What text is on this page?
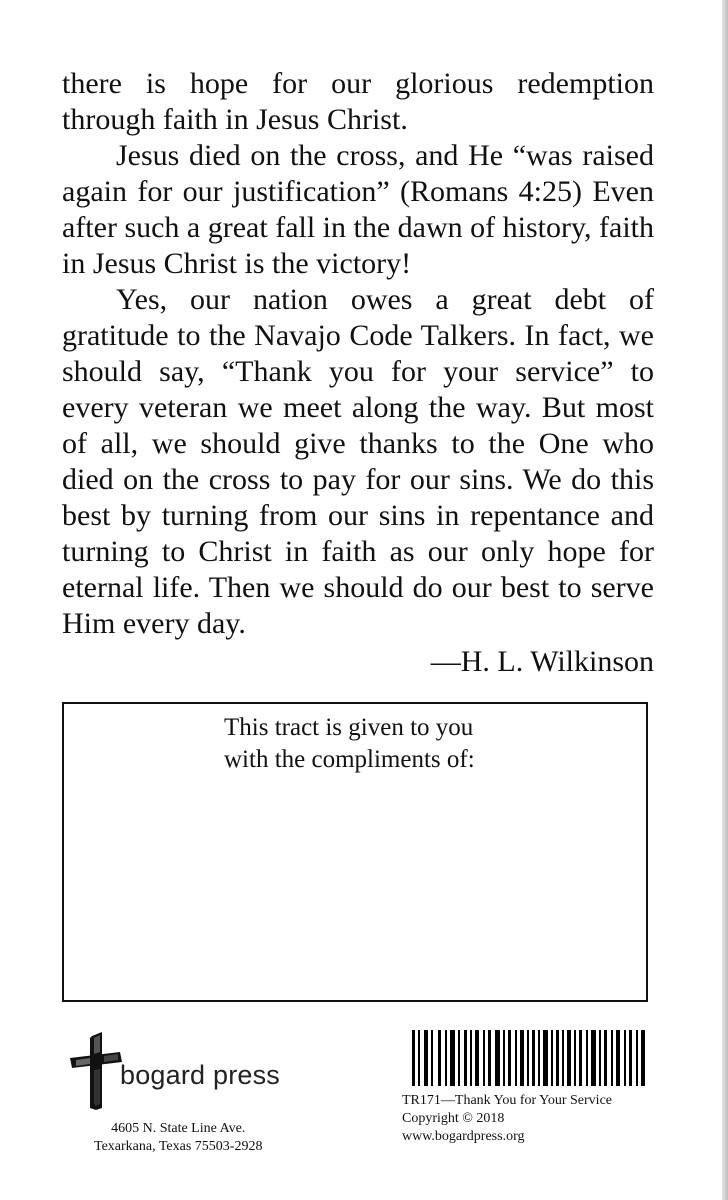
there is hope for our glorious redemption through faith in Jesus Christ.

Jesus died on the cross, and He “was raised again for our justification” (Romans 4:25) Even after such a great fall in the dawn of history, faith in Jesus Christ is the victory!

Yes, our nation owes a great debt of gratitude to the Navajo Code Talkers. In fact, we should say, “Thank you for your service” to every veteran we meet along the way. But most of all, we should give thanks to the One who died on the cross to pay for our sins. We do this best by turning from our sins in repentance and turning to Christ in faith as our only hope for eternal life. Then we should do our best to serve Him every day.

—H. L. Wilkinson
This tract is given to you
with the compliments of:
bogard press
4605 N. State Line Ave.
Texarkana, Texas 75503-2928
TR171—Thank You for Your Service
Copyright © 2018
www.bogardpress.org
